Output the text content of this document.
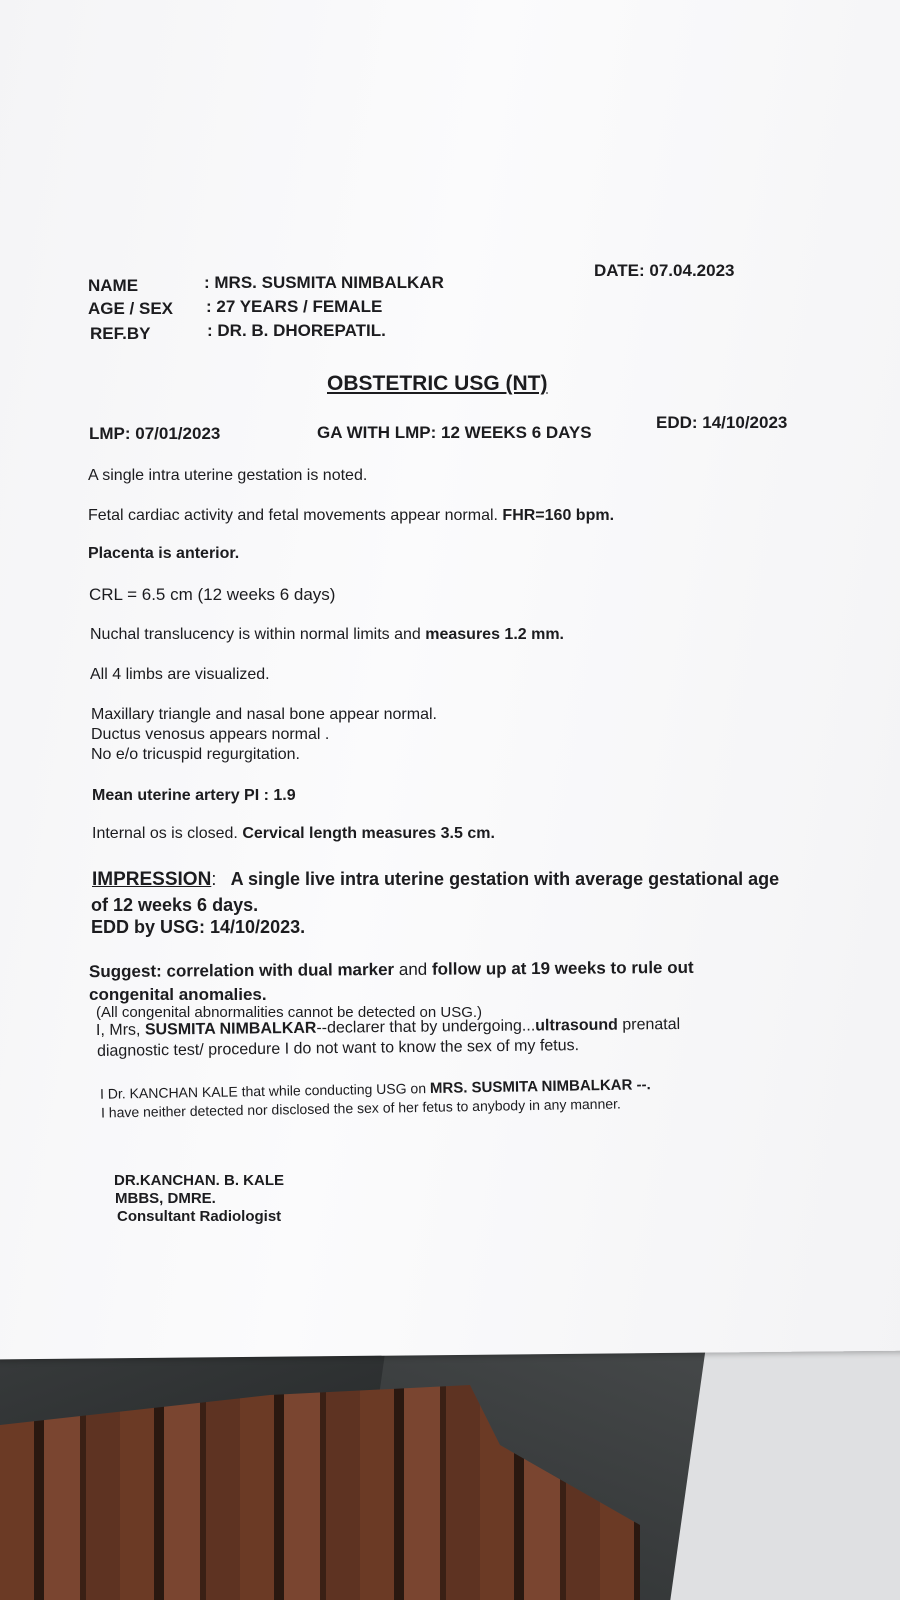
NAME	: MRS. SUSMITA NIMBALKAR
AGE / SEX : 27 YEARS / FEMALE
REF.BY	: DR. B. DHOREPATIL.
DATE: 07.04.2023
OBSTETRIC USG (NT)
LMP: 07/01/2023	GA WITH LMP: 12 WEEKS 6 DAYS
EDD: 14/10/2023
A single intra uterine gestation is noted.
Fetal cardiac activity and fetal movements appear normal. FHR=160 bpm.
Placenta is anterior.
CRL = 6.5 cm (12 weeks 6 days)
Nuchal translucency is within normal limits and measures 1.2 mm.
All 4 limbs are visualized.
Maxillary triangle and nasal bone appear normal.
Ductus venosus appears normal .
No e/o tricuspid regurgitation.
Mean uterine artery PI : 1.9
Internal os is closed. Cervical length measures 3.5 cm.
IMPRESSION: A single live intra uterine gestation with average gestational age
of 12 weeks 6 days.
EDD by USG: 14/10/2023.
Suggest: correlation with dual marker and follow up at 19 weeks to rule out
congenital anomalies.
(All congenital abnormalities cannot be detected on USG.)
I, Mrs, SUSMITA NIMBALKAR--declarer that by undergoing...ultrasound prenatal
diagnostic test/ procedure I do not want to know the sex of my fetus.
I Dr. KANCHAN KALE that while conducting USG on MRS. SUSMITA NIMBALKAR --.
I have neither detected nor disclosed the sex of her fetus to anybody in any manner.
DR.KANCHAN. B. KALE
MBBS, DMRE.
Consultant Radiologist
